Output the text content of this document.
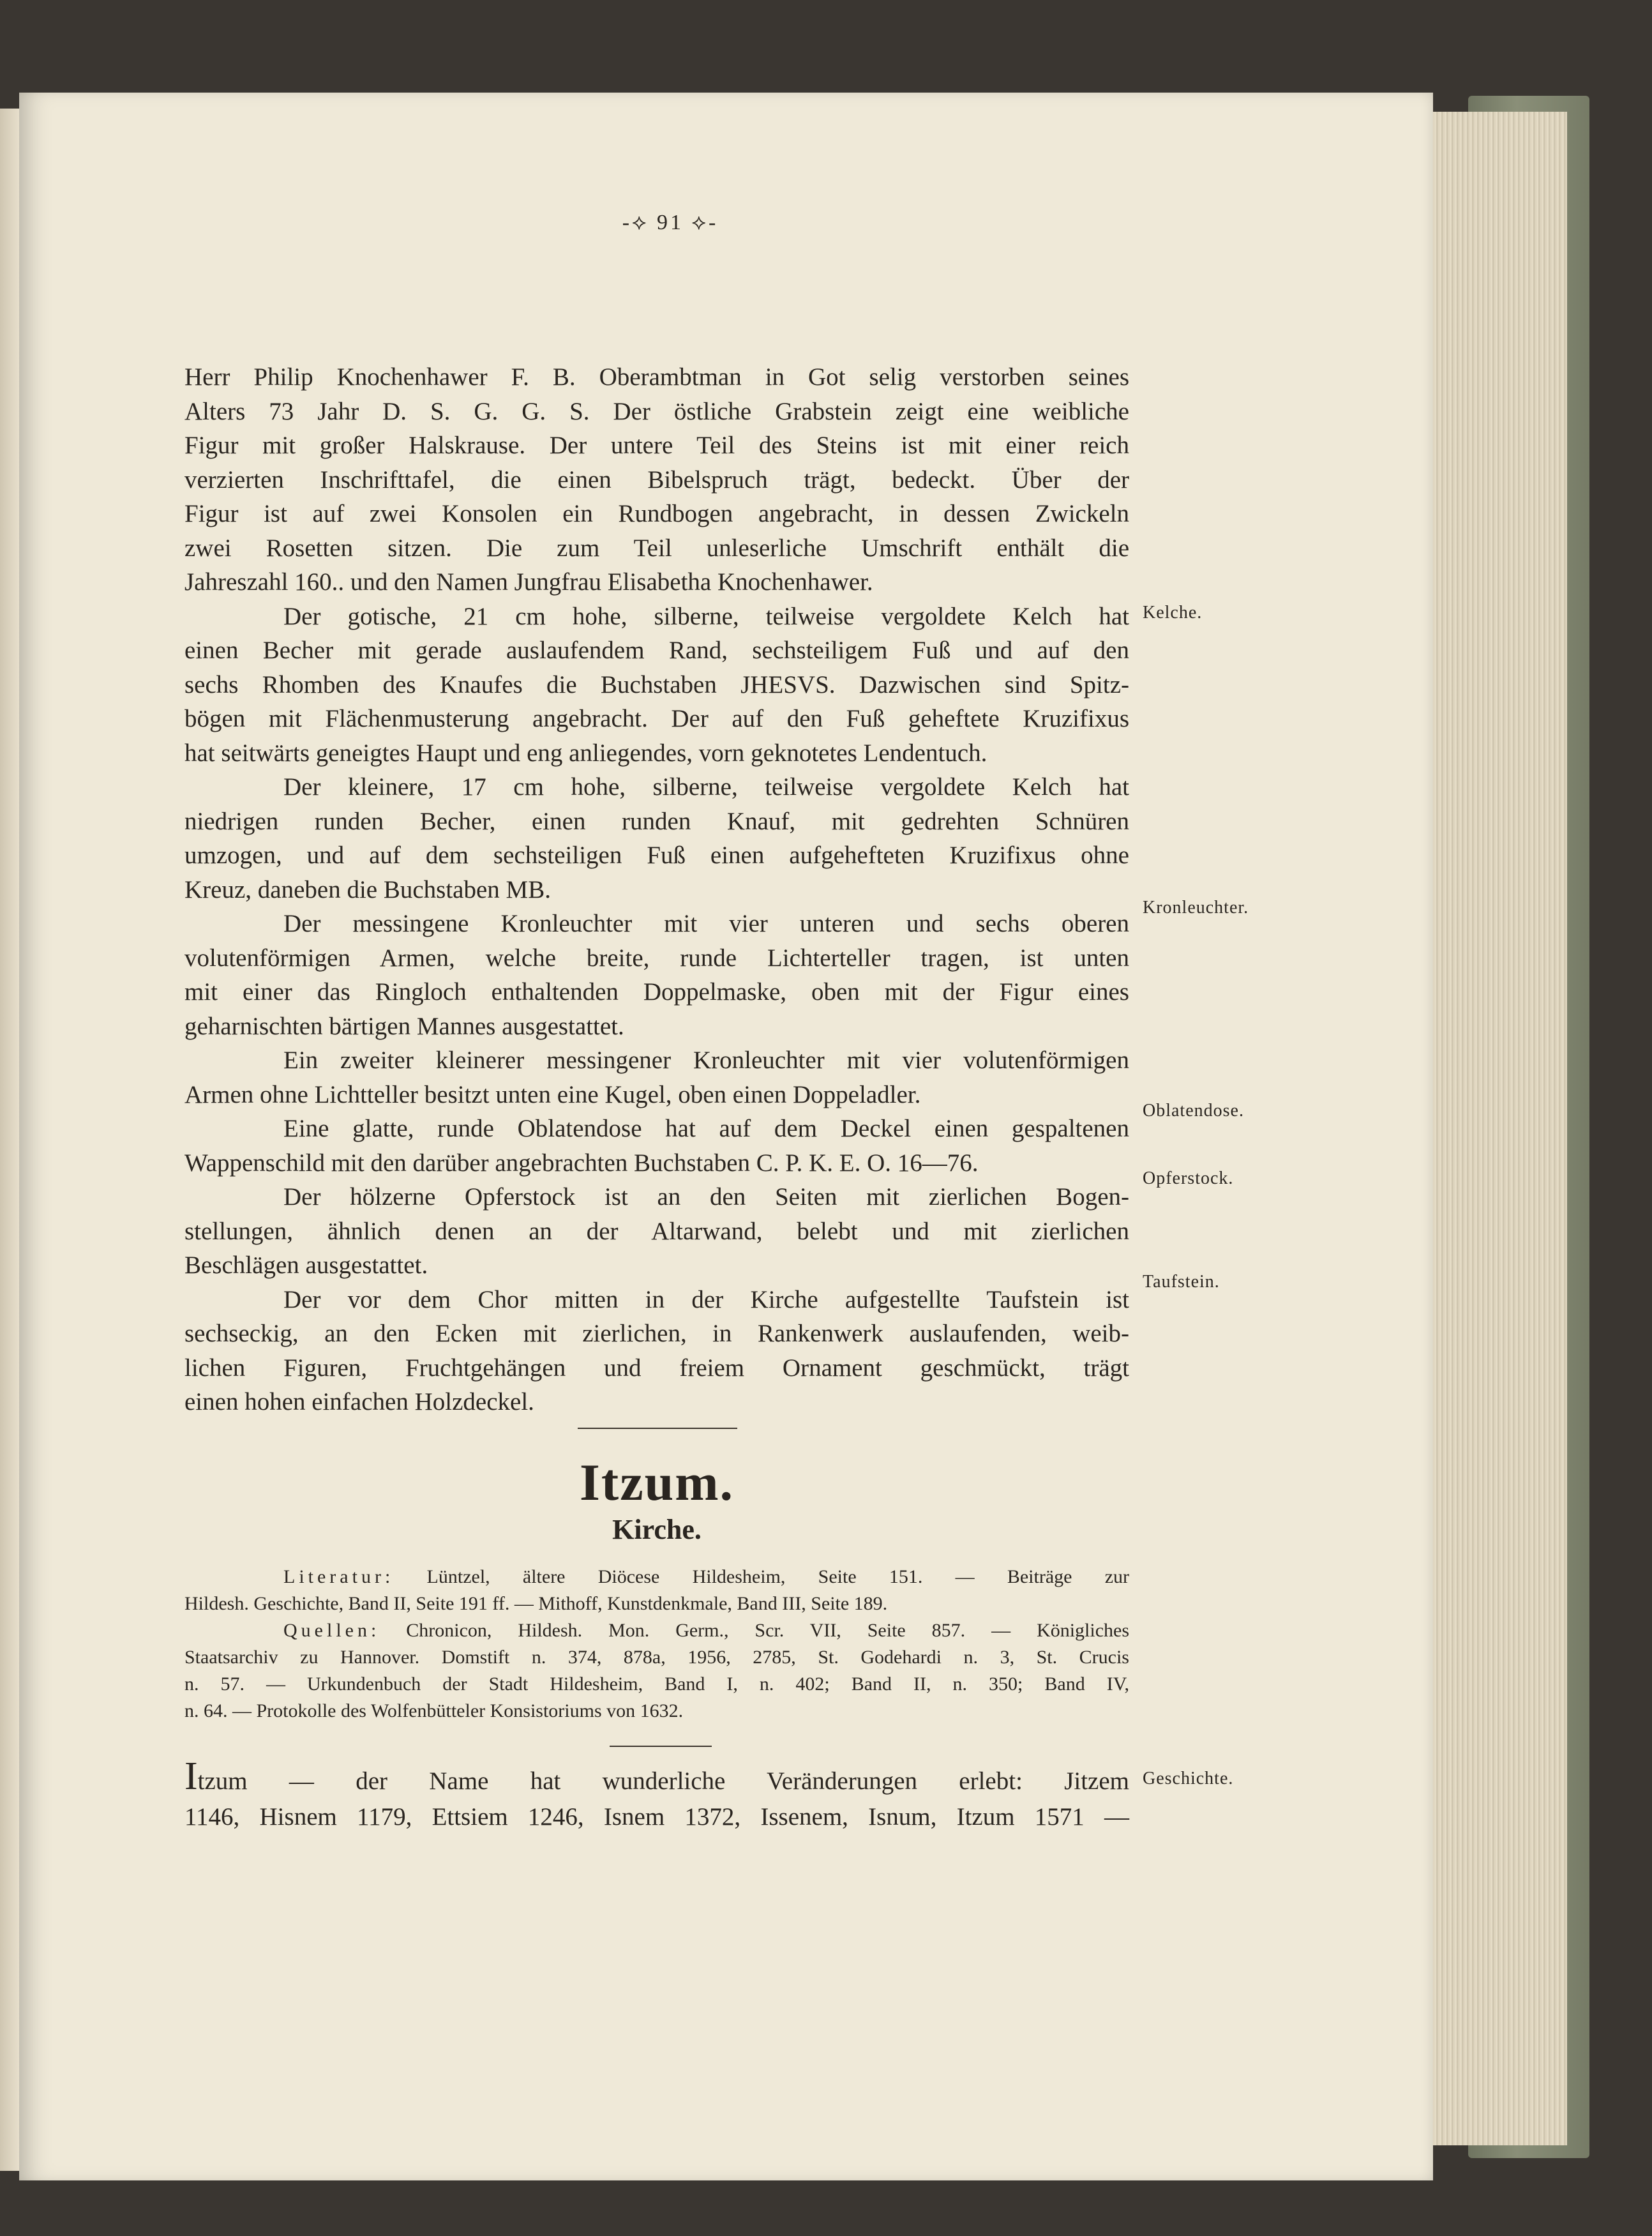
-⟡ 91 ⟡-

Herr Philip Knochenhawer F. B. Oberambtman in Got selig verstorben seines

Alters 73 Jahr D. S. G. G. S. Der östliche Grabstein zeigt eine weibliche

Figur mit großer Halskrause. Der untere Teil des Steins ist mit einer reich

verzierten Inschrifttafel, die einen Bibelspruch trägt, bedeckt. Über der

Figur ist auf zwei Konsolen ein Rundbogen angebracht, in dessen Zwickeln

zwei Rosetten sitzen. Die zum Teil unleserliche Umschrift enthält die

Jahreszahl 160.. und den Namen Jungfrau Elisabetha Knochenhawer.

Der gotische, 21 cm hohe, silberne, teilweise vergoldete Kelch hat

einen Becher mit gerade auslaufendem Rand, sechsteiligem Fuß und auf den

sechs Rhomben des Knaufes die Buchstaben JHESVS. Dazwischen sind Spitz-

bögen mit Flächenmusterung angebracht. Der auf den Fuß geheftete Kruzifixus

hat seitwärts geneigtes Haupt und eng anliegendes, vorn geknotetes Lendentuch.

Der kleinere, 17 cm hohe, silberne, teilweise vergoldete Kelch hat

niedrigen runden Becher, einen runden Knauf, mit gedrehten Schnüren

umzogen, und auf dem sechsteiligen Fuß einen aufgehefteten Kruzifixus ohne

Kreuz, daneben die Buchstaben MB.

Der messingene Kronleuchter mit vier unteren und sechs oberen

volutenförmigen Armen, welche breite, runde Lichterteller tragen, ist unten

mit einer das Ringloch enthaltenden Doppelmaske, oben mit der Figur eines

geharnischten bärtigen Mannes ausgestattet.

Ein zweiter kleinerer messingener Kronleuchter mit vier volutenförmigen

Armen ohne Lichtteller besitzt unten eine Kugel, oben einen Doppeladler.

Eine glatte, runde Oblatendose hat auf dem Deckel einen gespaltenen

Wappenschild mit den darüber angebrachten Buchstaben C. P. K. E. O. 16—76.

Der hölzerne Opferstock ist an den Seiten mit zierlichen Bogen-

stellungen, ähnlich denen an der Altarwand, belebt und mit zierlichen

Beschlägen ausgestattet.

Der vor dem Chor mitten in der Kirche aufgestellte Taufstein ist

sechseckig, an den Ecken mit zierlichen, in Rankenwerk auslaufenden, weib-

lichen Figuren, Fruchtgehängen und freiem Ornament geschmückt, trägt

einen hohen einfachen Holzdeckel.

Kelche.
Kronleuchter.
Oblatendose.
Opferstock.
Taufstein.
Geschichte.
Itzum.
Kirche.

Literatur: Lüntzel, ältere Diöcese Hildesheim, Seite 151. — Beiträge zur

Hildesh. Geschichte, Band II, Seite 191 ff. — Mithoff, Kunstdenkmale, Band III, Seite 189.

Quellen: Chronicon, Hildesh. Mon. Germ., Scr. VII, Seite 857. — Königliches

Staatsarchiv zu Hannover. Domstift n. 374, 878a, 1956, 2785, St. Godehardi n. 3, St. Crucis

n. 57. — Urkundenbuch der Stadt Hildesheim, Band I, n. 402; Band II, n. 350; Band IV,

n. 64. — Protokolle des Wolfenbütteler Konsistoriums von 1632.

Itzum — der Name hat wunderliche Veränderungen erlebt: Jitzem

1146, Hisnem 1179, Ettsiem 1246, Isnem 1372, Issenem, Isnum, Itzum 1571 —
